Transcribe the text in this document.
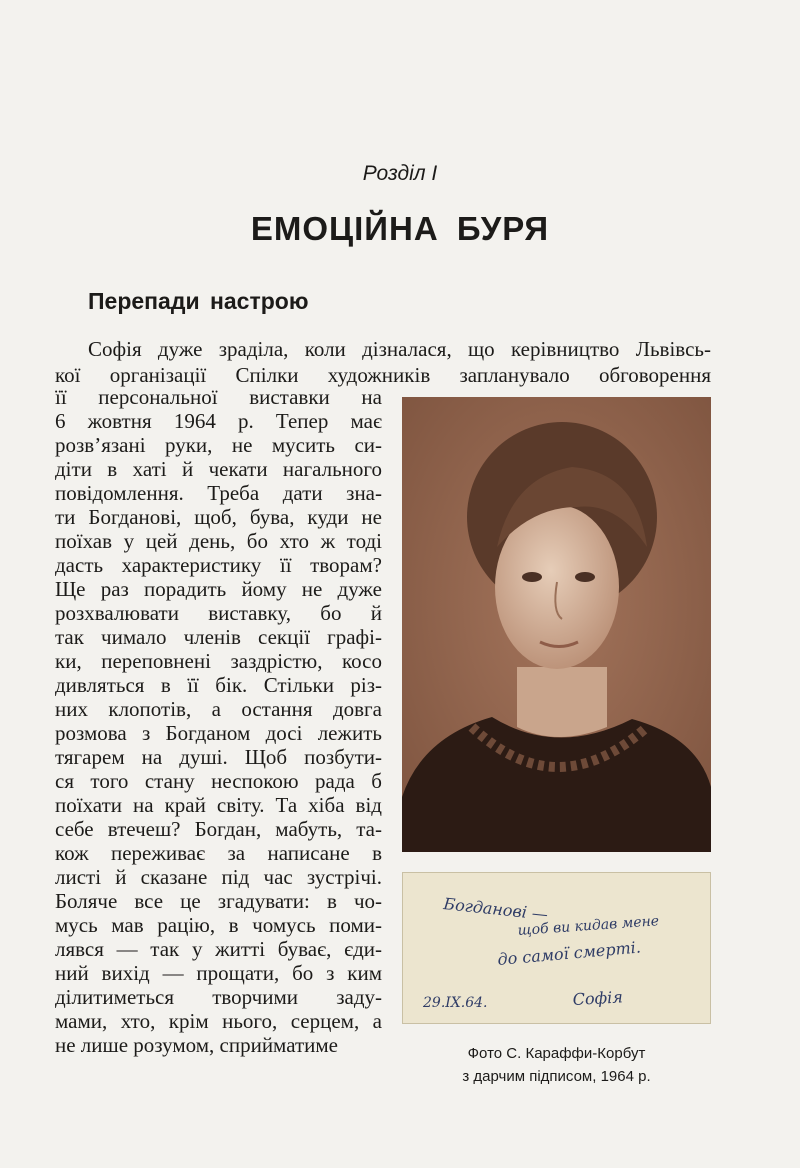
Розділ І
ЕМОЦІЙНА БУРЯ
Перепади настрою
Софія дуже зраділа, коли дізналася, що керівництво Львівсь-
кої організації Спілки художників запланувало обговорення
її персональної виставки на
6 жовтня 1964 р. Тепер має
розв’язані руки, не мусить си-
діти в хаті й чекати нагального
повідомлення. Треба дати зна-
ти Богданові, щоб, бува, куди не
поїхав у цей день, бо хто ж тоді
дасть характеристику її творам?
Ще раз порадить йому не дуже
розхвалювати виставку, бо й
так чимало членів секції графі-
ки, переповнені заздрістю, косо
дивляться в її бік. Стільки різ-
них клопотів, а остання довга
розмова з Богданом досі лежить
тягарем на душі. Щоб позбути-
ся того стану неспокою рада б
поїхати на край світу. Та хіба від
себе втечеш? Богдан, мабуть, та-
кож переживає за написане в
листі й сказане під час зустрічі.
Боляче все це згадувати: в чо-
мусь мав рацію, в чомусь поми-
лявся — так у житті буває, єди-
ний вихід — прощати, бо з ким
ділитиметься творчими заду-
мами, хто, крім нього, серцем, а
не лише розумом, сприйматиме
Богданові —
щоб ви кидав мене
до самої смерті.
29.IX.64.	Софія
Фото С. Караффи-Корбут
з дарчим підписом, 1964 р.
